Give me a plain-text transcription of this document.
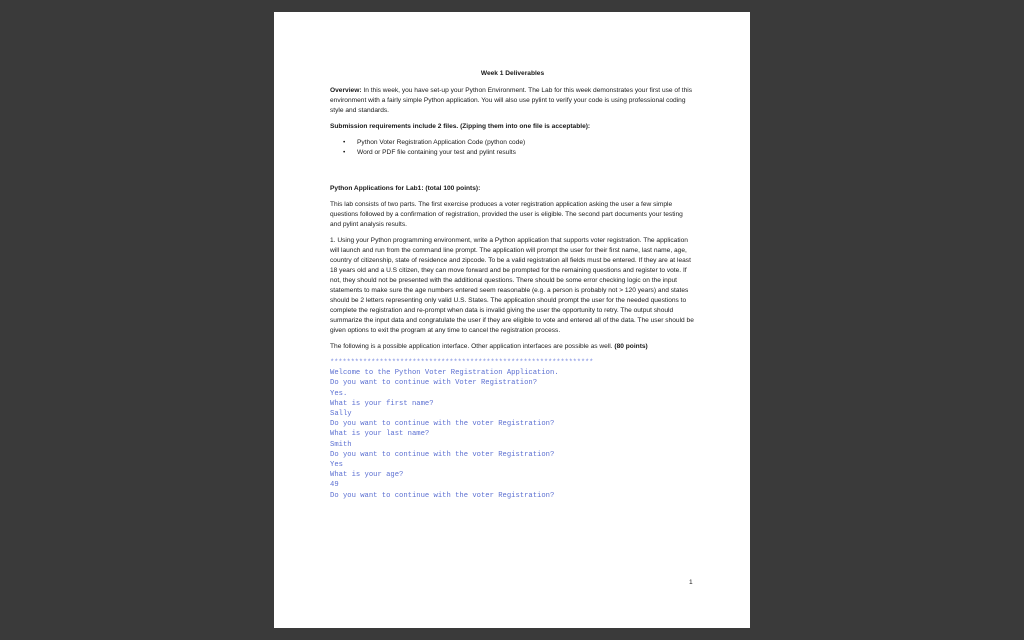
Week 1 Deliverables

Overview: In this week, you have set-up your Python Environment. The Lab for this week demonstrates your first use of this environment with a fairly simple Python application. You will also use pylint to verify your code is using professional coding style and standards.

Submission requirements include 2 files. (Zipping them into one file is acceptable):

• Python Voter Registration Application Code (python code)
• Word or PDF file containing your test and pylint results

Python Applications for Lab1: (total 100 points):

This lab consists of two parts. The first exercise produces a voter registration application asking the user a few simple questions followed by a confirmation of registration, provided the user is eligible. The second part documents your testing and pylint analysis results.

1. Using your Python programming environment, write a Python application that supports voter registration. The application will launch and run from the command line prompt. The application will prompt the user for their first name, last name, age, country of citizenship, state of residence and zipcode. To be a valid registration all fields must be entered. If they are at least 18 years old and a U.S citizen, they can move forward and be prompted for the remaining questions and register to vote. If not, they should not be presented with the additional questions. There should be some error checking logic on the input statements to make sure the age numbers entered seem reasonable (e.g. a person is probably not > 120 years) and states should be 2 letters representing only valid U.S. States. The application should prompt the user for the needed questions to complete the registration and re-prompt when data is invalid giving the user the opportunity to retry. The output should summarize the input data and congratulate the user if they are eligible to vote and entered all of the data. The user should be given options to exit the program at any time to cancel the registration process.

The following is a possible application interface. Other application interfaces are possible as well. (80 points)

****************************************************************
Welcome to the Python Voter Registration Application.
Do you want to continue with Voter Registration?
Yes.
What is your first name?
Sally
Do you want to continue with the voter Registration?
What is your last name?
Smith
Do you want to continue with the voter Registration?
Yes
What is your age?
49
Do you want to continue with the voter Registration?
1
